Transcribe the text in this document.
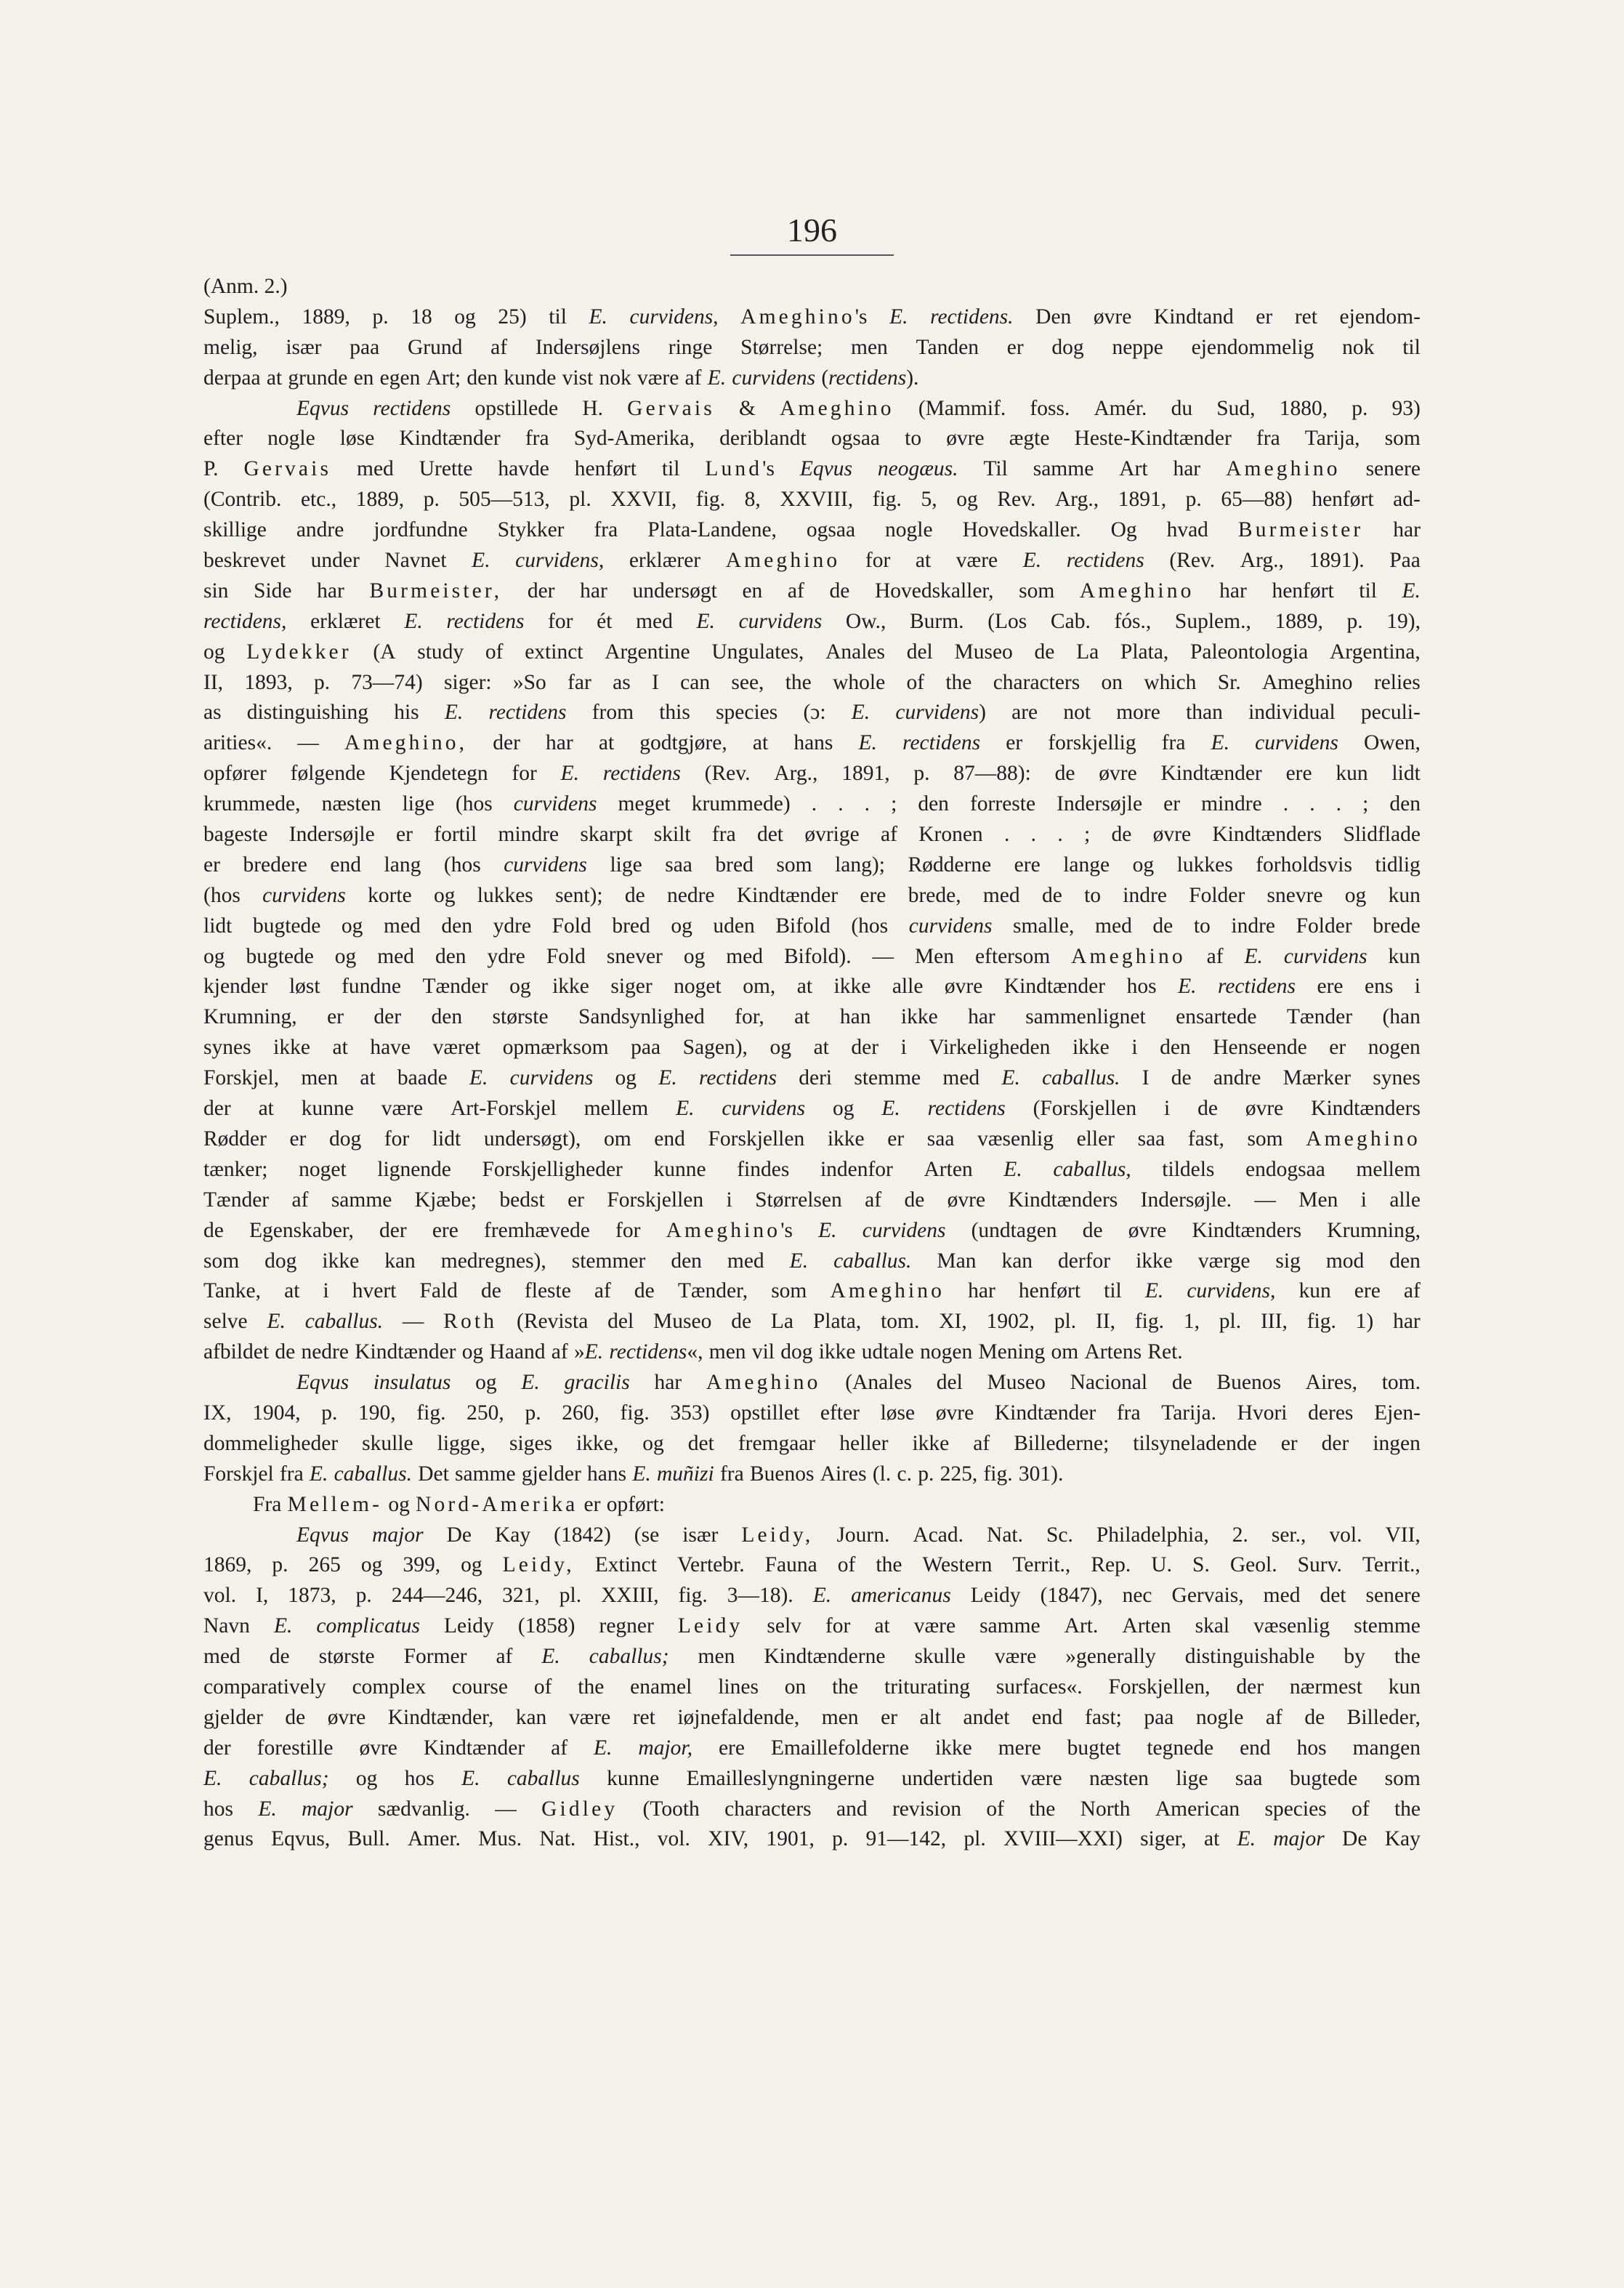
196
(Anm. 2.)
Suplem., 1889, p. 18 og 25) til E. curvidens, Ameghino's E. rectidens. Den øvre Kindtand er ret ejendom-
melig, især paa Grund af Indersøjlens ringe Størrelse; men Tanden er dog neppe ejendommelig nok til
derpaa at grunde en egen Art; den kunde vist nok være af E. curvidens (rectidens).
Eqvus rectidens opstillede H. Gervais & Ameghino (Mammif. foss. Amér. du Sud, 1880, p. 93)
efter nogle løse Kindtænder fra Syd-Amerika, deriblandt ogsaa to øvre ægte Heste-Kindtænder fra Tarija, som
P. Gervais med Urette havde henført til Lund's Eqvus neogæus. Til samme Art har Ameghino senere
(Contrib. etc., 1889, p. 505—513, pl. XXVII, fig. 8, XXVIII, fig. 5, og Rev. Arg., 1891, p. 65—88) henført ad-
skillige andre jordfundne Stykker fra Plata-Landene, ogsaa nogle Hovedskaller. Og hvad Burmeister har
beskrevet under Navnet E. curvidens, erklærer Ameghino for at være E. rectidens (Rev. Arg., 1891). Paa
sin Side har Burmeister, der har undersøgt en af de Hovedskaller, som Ameghino har henført til E.
rectidens, erklæret E. rectidens for ét med E. curvidens Ow., Burm. (Los Cab. fós., Suplem., 1889, p. 19),
og Lydekker (A study of extinct Argentine Ungulates, Anales del Museo de La Plata, Paleontologia Argentina,
II, 1893, p. 73—74) siger: »So far as I can see, the whole of the characters on which Sr. Ameghino relies
as distinguishing his E. rectidens from this species (ɔ: E. curvidens) are not more than individual peculi-
arities«. — Ameghino, der har at godtgjøre, at hans E. rectidens er forskjellig fra E. curvidens Owen,
opfører følgende Kjendetegn for E. rectidens (Rev. Arg., 1891, p. 87—88): de øvre Kindtænder ere kun lidt
krummede, næsten lige (hos curvidens meget krummede) . . . ; den forreste Indersøjle er mindre . . . ; den
bageste Indersøjle er fortil mindre skarpt skilt fra det øvrige af Kronen . . . ; de øvre Kindtænders Slidflade
er bredere end lang (hos curvidens lige saa bred som lang); Rødderne ere lange og lukkes forholdsvis tidlig
(hos curvidens korte og lukkes sent); de nedre Kindtænder ere brede, med de to indre Folder snevre og kun
lidt bugtede og med den ydre Fold bred og uden Bifold (hos curvidens smalle, med de to indre Folder brede
og bugtede og med den ydre Fold snever og med Bifold). — Men eftersom Ameghino af E. curvidens kun
kjender løst fundne Tænder og ikke siger noget om, at ikke alle øvre Kindtænder hos E. rectidens ere ens i
Krumning, er der den største Sandsynlighed for, at han ikke har sammenlignet ensartede Tænder (han
synes ikke at have været opmærksom paa Sagen), og at der i Virkeligheden ikke i den Henseende er nogen
Forskjel, men at baade E. curvidens og E. rectidens deri stemme med E. caballus. I de andre Mærker synes
der at kunne være Art-Forskjel mellem E. curvidens og E. rectidens (Forskjellen i de øvre Kindtænders
Rødder er dog for lidt undersøgt), om end Forskjellen ikke er saa væsenlig eller saa fast, som Ameghino
tænker; noget lignende Forskjelligheder kunne findes indenfor Arten E. caballus, tildels endogsaa mellem
Tænder af samme Kjæbe; bedst er Forskjellen i Størrelsen af de øvre Kindtænders Indersøjle. — Men i alle
de Egenskaber, der ere fremhævede for Ameghino's E. curvidens (undtagen de øvre Kindtænders Krumning,
som dog ikke kan medregnes), stemmer den med E. caballus. Man kan derfor ikke værge sig mod den
Tanke, at i hvert Fald de fleste af de Tænder, som Ameghino har henført til E. curvidens, kun ere af
selve E. caballus. — Roth (Revista del Museo de La Plata, tom. XI, 1902, pl. II, fig. 1, pl. III, fig. 1) har
afbildet de nedre Kindtænder og Haand af »E. rectidens«, men vil dog ikke udtale nogen Mening om Artens Ret.
Eqvus insulatus og E. gracilis har Ameghino (Anales del Museo Nacional de Buenos Aires, tom.
IX, 1904, p. 190, fig. 250, p. 260, fig. 353) opstillet efter løse øvre Kindtænder fra Tarija. Hvori deres Ejen-
dommeligheder skulle ligge, siges ikke, og det fremgaar heller ikke af Billederne; tilsyneladende er der ingen
Forskjel fra E. caballus. Det samme gjelder hans E. muñizi fra Buenos Aires (l. c. p. 225, fig. 301).
Fra Mellem- og Nord-Amerika er opført:
Eqvus major De Kay (1842) (se især Leidy, Journ. Acad. Nat. Sc. Philadelphia, 2. ser., vol. VII,
1869, p. 265 og 399, og Leidy, Extinct Vertebr. Fauna of the Western Territ., Rep. U. S. Geol. Surv. Territ.,
vol. I, 1873, p. 244—246, 321, pl. XXIII, fig. 3—18). E. americanus Leidy (1847), nec Gervais, med det senere
Navn E. complicatus Leidy (1858) regner Leidy selv for at være samme Art. Arten skal væsenlig stemme
med de største Former af E. caballus; men Kindtænderne skulle være »generally distinguishable by the
comparatively complex course of the enamel lines on the triturating surfaces«. Forskjellen, der nærmest kun
gjelder de øvre Kindtænder, kan være ret iøjnefaldende, men er alt andet end fast; paa nogle af de Billeder,
der forestille øvre Kindtænder af E. major, ere Emaillefolderne ikke mere bugtet tegnede end hos mangen
E. caballus; og hos E. caballus kunne Emailleslyngningerne undertiden være næsten lige saa bugtede som
hos E. major sædvanlig. — Gidley (Tooth characters and revision of the North American species of the
genus Eqvus, Bull. Amer. Mus. Nat. Hist., vol. XIV, 1901, p. 91—142, pl. XVIII—XXI) siger, at E. major De Kay
